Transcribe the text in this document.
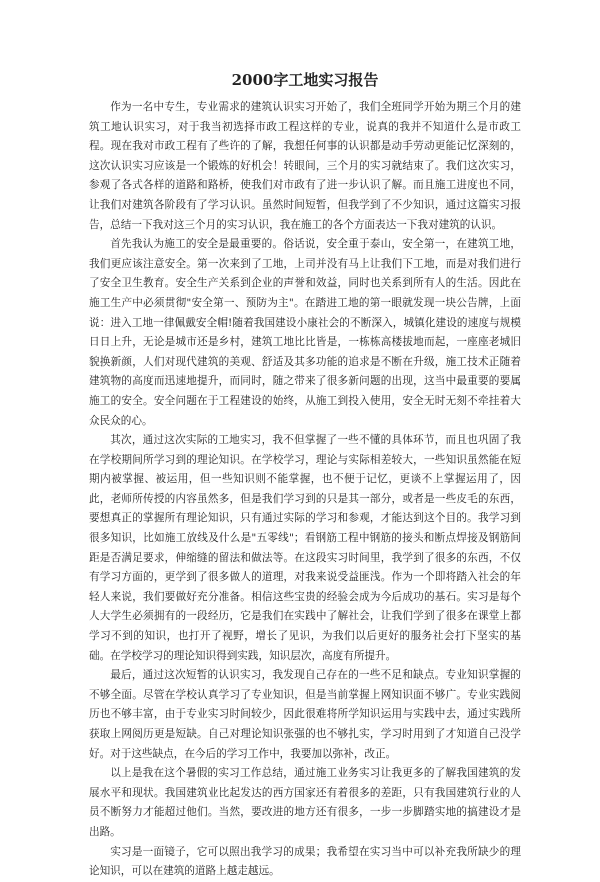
2000字工地实习报告

作为一名中专生，专业需求的建筑认识实习开始了，我们全班同学开始为期三个月的建筑工地认识实习，对于我当初选择市政工程这样的专业，说真的我并不知道什么是市政工程。现在我对市政工程有了些许的了解，我想任何事的认识都是动手劳动更能记忆深刻的，这次认识实习应该是一个锻炼的好机会！转眼间，三个月的实习就结束了。我们这次实习，参观了各式各样的道路和路桥，使我们对市政有了进一步认识了解。而且施工进度也不同，让我们对建筑各阶段有了学习认识。虽然时间短暂，但我学到了不少知识，通过这篇实习报告，总结一下我对这三个月的实习认识，我在施工的各个方面表达一下我对建筑的认识。

首先我认为施工的安全是最重要的。俗话说，安全重于泰山，安全第一，在建筑工地，我们更应该注意安全。第一次来到了工地，上司并没有马上让我们下工地，而是对我们进行了安全卫生教育。安全生产关系到企业的声誉和效益，同时也关系到所有人的生活。因此在施工生产中必须贯彻"安全第一、预防为主"。在踏进工地的第一眼就发现一块公告牌，上面说：进入工地一律佩戴安全帽!随着我国建设小康社会的不断深入，城镇化建设的速度与规模日日上升，无论是城市还是乡村，建筑工地比比皆是，一栋栋高楼拔地而起，一座座老城旧貌换新颜，人们对现代建筑的美观、舒适及其多功能的追求是不断在升级，施工技术正随着建筑物的高度而迅速地提升，而同时，随之带来了很多新问题的出现，这当中最重要的要属施工的安全。安全问题在于工程建设的始终，从施工到投入使用，安全无时无刻不牵挂着大众民众的心。

其次，通过这次实际的工地实习，我不但掌握了一些不懂的具体环节，而且也巩固了我在学校期间所学习到的理论知识。在学校学习，理论与实际相差较大，一些知识虽然能在短期内被掌握、被运用，但一些知识则不能掌握，也不便于记忆，更谈不上掌握运用了，因此，老师所传授的内容虽然多，但是我们学习到的只是其一部分，或者是一些皮毛的东西，要想真正的掌握所有理论知识，只有通过实际的学习和参观，才能达到这个目的。我学习到很多知识，比如施工放线及什么是"五零线"；看钢筋工程中钢筋的接头和断点焊接及钢筋间距是否满足要求，伸缩缝的留法和做法等。在这段实习时间里，我学到了很多的东西，不仅有学习方面的，更学到了很多做人的道理，对我来说受益匪浅。作为一个即将踏入社会的年轻人来说，我们要做好充分准备。相信这些宝贵的经验会成为今后成功的基石。实习是每个人大学生必须拥有的一段经历，它是我们在实践中了解社会，让我们学到了很多在课堂上都学习不到的知识，也打开了视野，增长了见识，为我们以后更好的服务社会打下坚实的基础。在学校学习的理论知识得到实践，知识层次，高度有所提升。

最后，通过这次短暂的认识实习，我发现自己存在的一些不足和缺点。专业知识掌握的不够全面。尽管在学校认真学习了专业知识，但是当前掌握上网知识面不够广。专业实践阅历也不够丰富，由于专业实习时间较少，因此很难将所学知识运用与实践中去，通过实践所获取上网阅历更是短缺。自己对理论知识张强的也不够扎实，学习时用到了才知道自己没学好。对于这些缺点，在今后的学习工作中，我要加以弥补，改正。

以上是我在这个暑假的实习工作总结，通过施工业务实习让我更多的了解我国建筑的发展水平和现状。我国建筑业比起发达的西方国家还有着很多的差距，只有我国建筑行业的人员不断努力才能超过他们。当然，要改进的地方还有很多，一步一步脚踏实地的搞建设才是出路。

实习是一面镜子，它可以照出我学习的成果；我希望在实习当中可以补充我所缺少的理论知识，可以在建筑的道路上越走越远。
